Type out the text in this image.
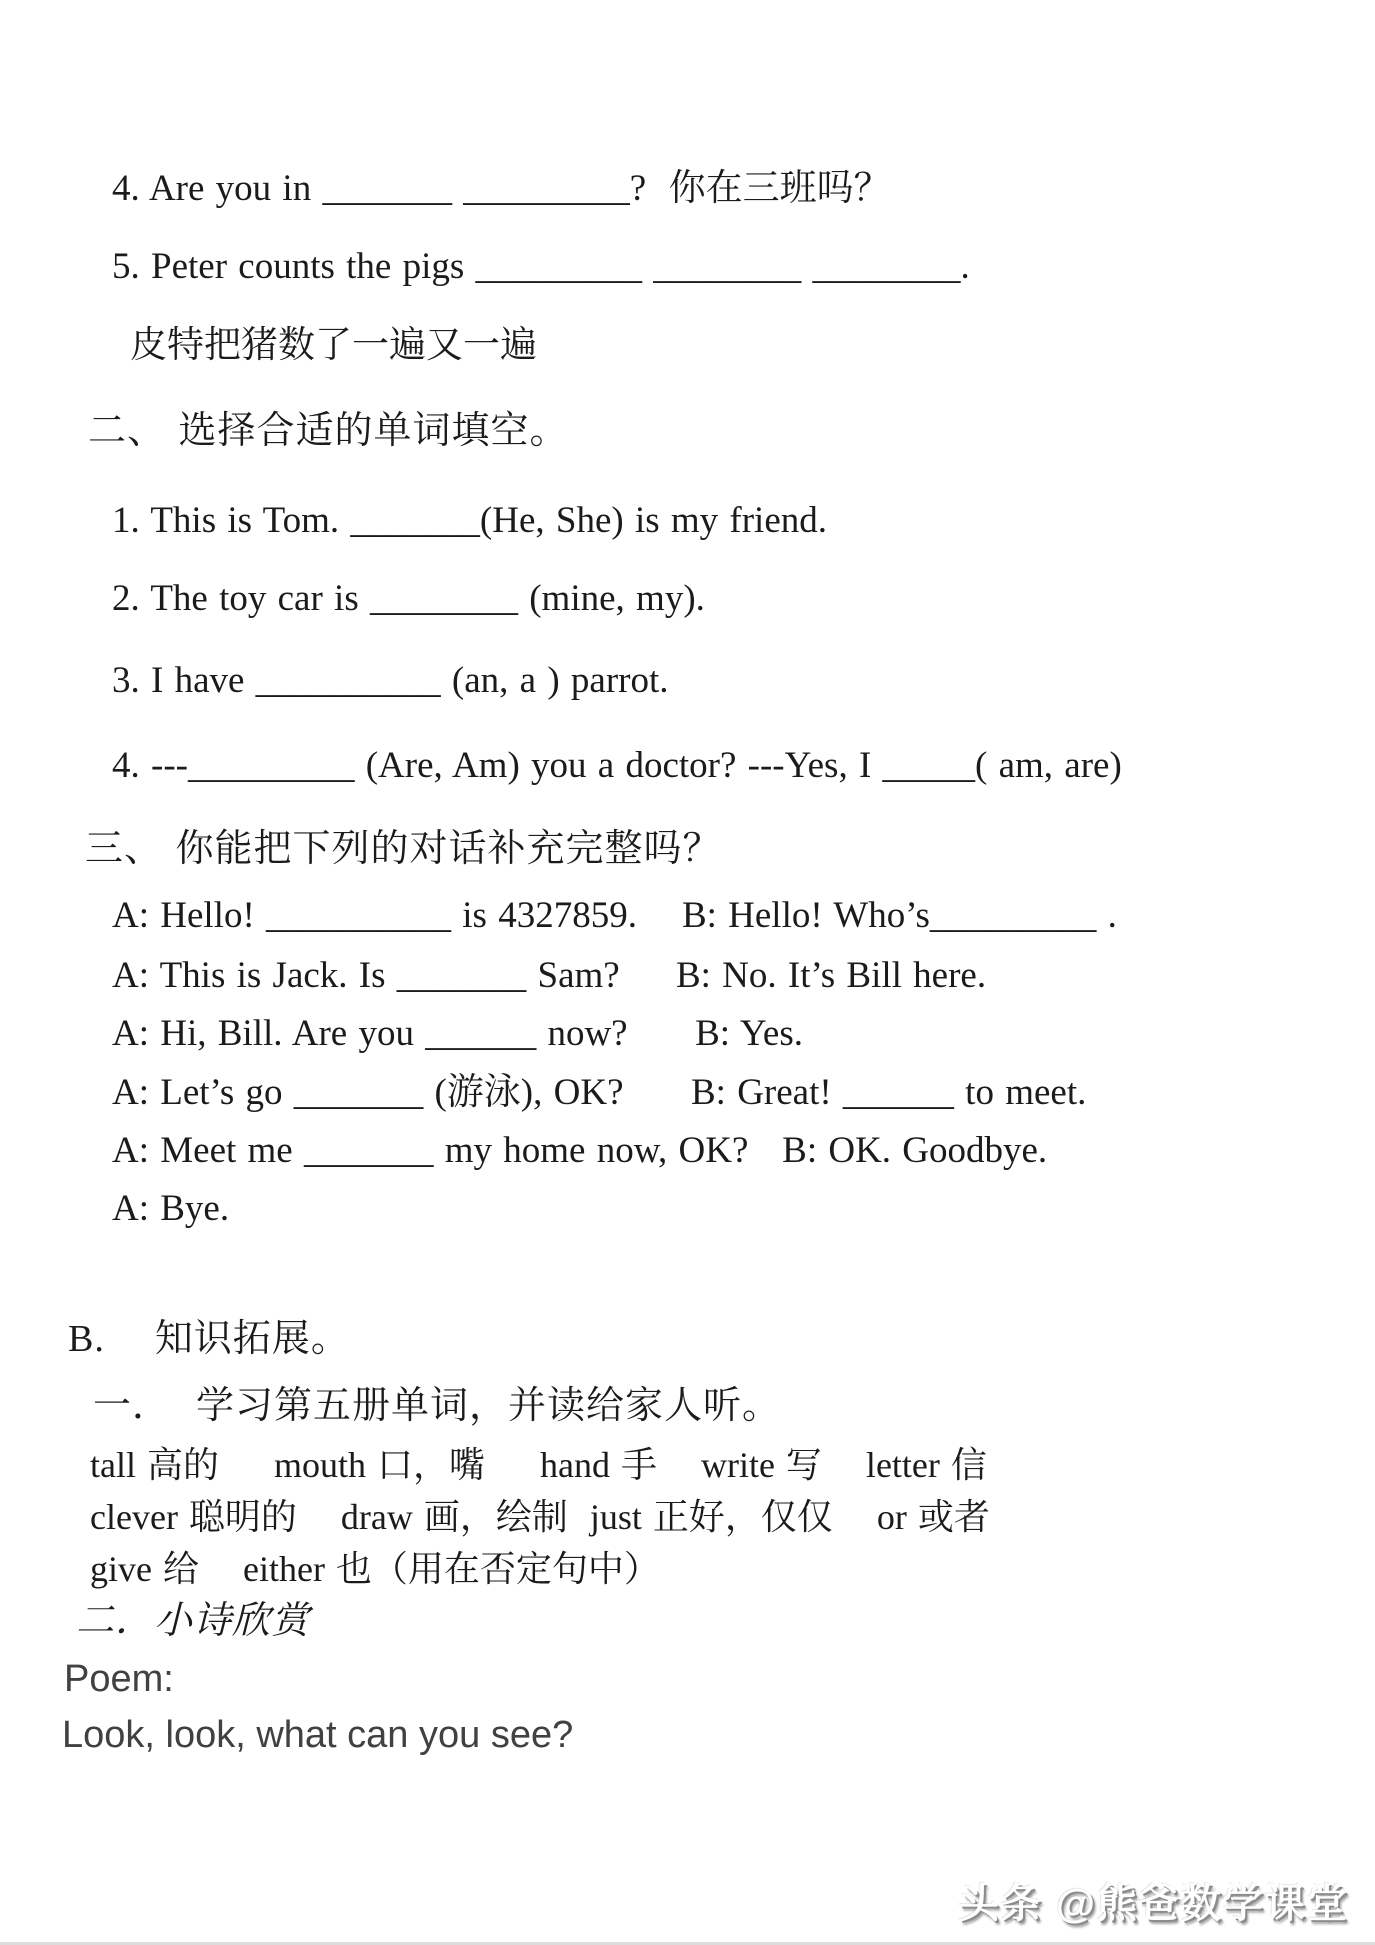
4. Are you in _______ _________?  你在三班吗？
5. Peter counts the pigs _________ ________ ________.
皮特把猪数了一遍又一遍
二、 选择合适的单词填空。
1. This is Tom. _______(He, She) is my friend.
2. The toy car is ________ (mine, my).
3. I have __________ (an, a ) parrot.
4. ---_________ (Are, Am) you a doctor? ---Yes, I _____( am, are)
三、 你能把下列的对话补充完整吗？
A: Hello! __________ is 4327859.    B: Hello! Who’s_________ .
A: This is Jack. Is _______ Sam?     B: No. It’s Bill here.
A: Hi, Bill. Are you ______ now?      B: Yes.
A: Let’s go _______ (游泳), OK?      B: Great! ______ to meet.
A: Meet me _______ my home now, OK?   B: OK. Goodbye.
A: Bye.
B.    知识拓展。
一．  学习第五册单词，并读给家人听。
tall 高的     mouth 口，嘴     hand 手    write 写    letter 信
clever 聪明的    draw 画，绘制  just 正好，仅仅    or 或者
give 给    either 也（用在否定句中）
二．小诗欣赏
Poem:
Look, look, what can you see?
头条 @熊爸数学课堂
